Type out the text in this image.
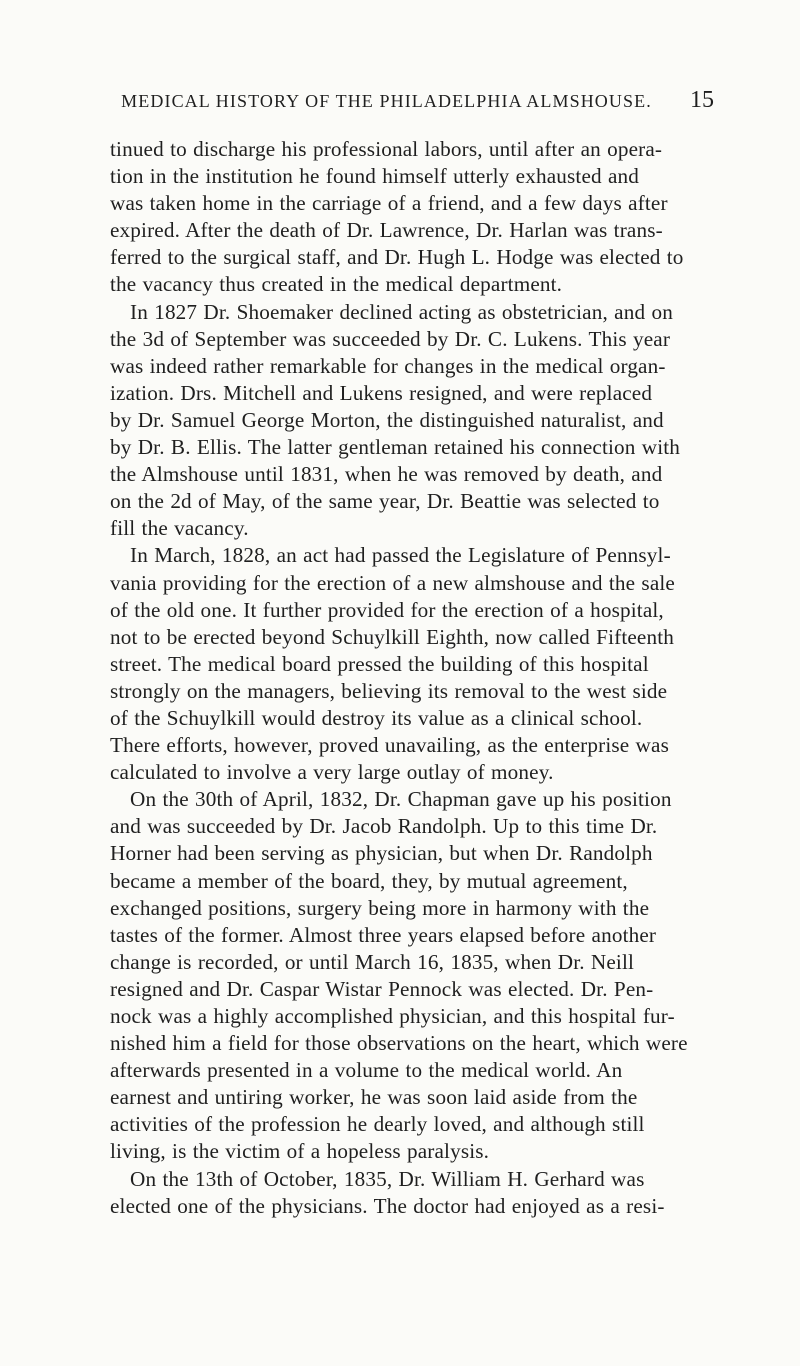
MEDICAL HISTORY OF THE PHILADELPHIA ALMSHOUSE.	15
tinued to discharge his professional labors, until after an opera-
tion in the institution he found himself utterly exhausted and
was taken home in the carriage of a friend, and a few days after
expired. After the death of Dr. Lawrence, Dr. Harlan was trans-
ferred to the surgical staff, and Dr. Hugh L. Hodge was elected to
the vacancy thus created in the medical department.
In 1827 Dr. Shoemaker declined acting as obstetrician, and on
the 3d of September was succeeded by Dr. C. Lukens. This year
was indeed rather remarkable for changes in the medical organ-
ization. Drs. Mitchell and Lukens resigned, and were replaced
by Dr. Samuel George Morton, the distinguished naturalist, and
by Dr. B. Ellis. The latter gentleman retained his connection with
the Almshouse until 1831, when he was removed by death, and
on the 2d of May, of the same year, Dr. Beattie was selected to
fill the vacancy.
In March, 1828, an act had passed the Legislature of Pennsyl-
vania providing for the erection of a new almshouse and the sale
of the old one. It further provided for the erection of a hospital,
not to be erected beyond Schuylkill Eighth, now called Fifteenth
street. The medical board pressed the building of this hospital
strongly on the managers, believing its removal to the west side
of the Schuylkill would destroy its value as a clinical school.
There efforts, however, proved unavailing, as the enterprise was
calculated to involve a very large outlay of money.
On the 30th of April, 1832, Dr. Chapman gave up his position
and was succeeded by Dr. Jacob Randolph. Up to this time Dr.
Horner had been serving as physician, but when Dr. Randolph
became a member of the board, they, by mutual agreement,
exchanged positions, surgery being more in harmony with the
tastes of the former. Almost three years elapsed before another
change is recorded, or until March 16, 1835, when Dr. Neill
resigned and Dr. Caspar Wistar Pennock was elected. Dr. Pen-
nock was a highly accomplished physician, and this hospital fur-
nished him a field for those observations on the heart, which were
afterwards presented in a volume to the medical world. An
earnest and untiring worker, he was soon laid aside from the
activities of the profession he dearly loved, and although still
living, is the victim of a hopeless paralysis.
On the 13th of October, 1835, Dr. William H. Gerhard was
elected one of the physicians. The doctor had enjoyed as a resi-
